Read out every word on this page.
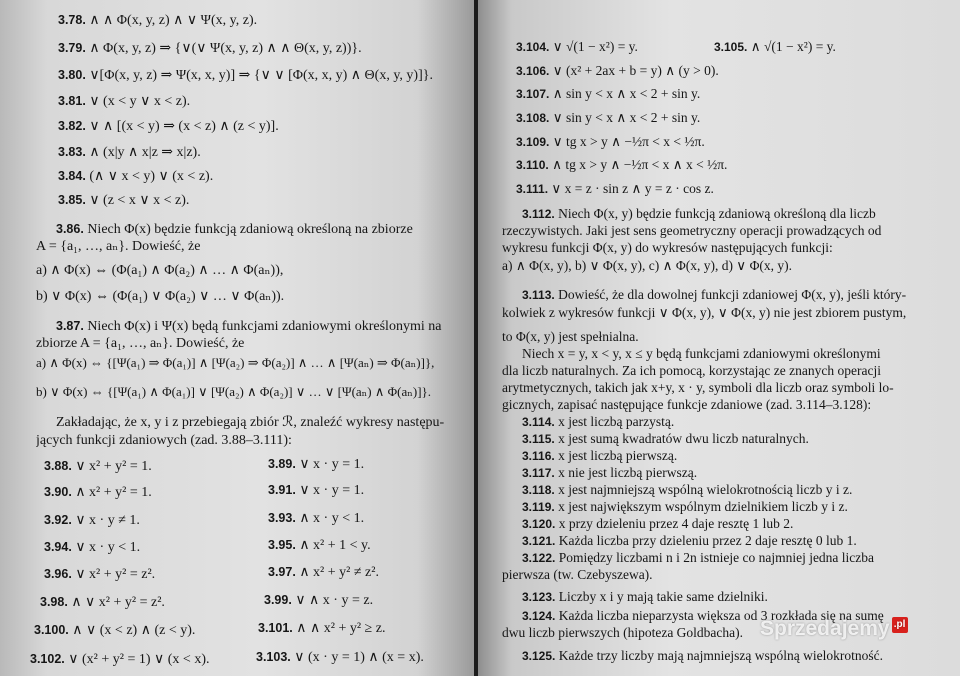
3.78. ∧ ∧ Φ(x, y, z) ∧ ∨ Ψ(x, y, z).
3.79. ∧ Φ(x, y, z) ⇒ {∨(∨ Ψ(x, y, z) ∧ ∧ Θ(x, y, z))}.
3.80. ∨[Φ(x, y, z) ⇒ Ψ(x, x, y)] ⇒ {∨ ∨ [Φ(x, x, y) ∧ Θ(x, y, y)]}.
3.81. ∨ (x < y ∨ x < z).
3.82. ∨ ∧ [(x < y) ⇒ (x < z) ∧ (z < y)].
3.83. ∧ (x|y ∧ x|z ⇒ x|z).
3.84. (∧ ∨ x < y) ∨ (x < z).
3.85. ∨ (z < x ∨ x < z).
3.86. Niech Φ(x) będzie funkcją zdaniową określoną na zbiorze
A = {a₁, …, aₙ}. Dowieść, że
a) ∧ Φ(x) ⇔ (Φ(a₁) ∧ Φ(a₂) ∧ … ∧ Φ(aₙ)),
b) ∨ Φ(x) ⇔ (Φ(a₁) ∨ Φ(a₂) ∨ … ∨ Φ(aₙ)).
3.87. Niech Φ(x) i Ψ(x) będą funkcjami zdaniowymi określonymi na
zbiorze A = {a₁, …, aₙ}. Dowieść, że
a) ∧ Φ(x) ⇔ {[Ψ(a₁) ⇒ Φ(a₁)] ∧ [Ψ(a₂) ⇒ Φ(a₂)] ∧ … ∧ [Ψ(aₙ) ⇒ Φ(aₙ)]},
b) ∨ Φ(x) ⇔ {[Ψ(a₁) ∧ Φ(a₁)] ∨ [Ψ(a₂) ∧ Φ(a₂)] ∨ … ∨ [Ψ(aₙ) ∧ Φ(aₙ)]}.
Zakładając, że x, y i z przebiegają zbiór ℛ, znaleźć wykresy następu-
jących funkcji zdaniowych (zad. 3.88–3.111):
3.88. ∨ x² + y² = 1.	3.89. ∨ x · y = 1.
3.90. ∧ x² + y² = 1.	3.91. ∨ x · y = 1.
3.92. ∨ x · y ≠ 1.	3.93. ∧ x · y < 1.
3.94. ∨ x · y < 1.	3.95. ∧ x² + 1 < y.
3.96. ∨ x² + y² = z².	3.97. ∧ x² + y² ≠ z².
3.98. ∧ ∨ x² + y² = z².	3.99. ∨ ∧ x · y = z.
3.100. ∧ ∨ (x < z) ∧ (z < y).	3.101. ∧ ∧ x² + y² ≥ z.
3.102. ∨ (x² + y² = 1) ∨ (x < x).	3.103. ∨ (x · y = 1) ∧ (x = x).
3.104. ∨ √(1 − x²) = y.	3.105. ∧ √(1 − x²) = y.
3.106. ∨ (x² + 2ax + b = y) ∧ (y > 0).
3.107. ∧ sin y < x ∧ x < 2 + sin y.
3.108. ∨ sin y < x ∧ x < 2 + sin y.
3.109. ∨ tg x > y ∧ −½π < x < ½π.
3.110. ∧ tg x > y ∧ −½π < x ∧ x < ½π.
3.111. ∨ x = z · sin z ∧ y = z · cos z.
3.112. Niech Φ(x, y) będzie funkcją zdaniową określoną dla liczb
rzeczywistych. Jaki jest sens geometryczny operacji prowadzących od
wykresu funkcji Φ(x, y) do wykresów następujących funkcji:
a) ∧ Φ(x, y), b) ∨ Φ(x, y), c) ∧ Φ(x, y), d) ∨ Φ(x, y).
3.113. Dowieść, że dla dowolnej funkcji zdaniowej Φ(x, y), jeśli który-
kolwiek z wykresów funkcji ∨ Φ(x, y), ∨ Φ(x, y) nie jest zbiorem pustym,
to Φ(x, y) jest spełnialna.
Niech x = y, x < y, x ≤ y będą funkcjami zdaniowymi określonymi
dla liczb naturalnych. Za ich pomocą, korzystając ze znanych operacji
arytmetycznych, takich jak x+y, x · y, symboli dla liczb oraz symboli lo-
gicznych, zapisać następujące funkcje zdaniowe (zad. 3.114–3.128):
3.114. x jest liczbą parzystą.
3.115. x jest sumą kwadratów dwu liczb naturalnych.
3.116. x jest liczbą pierwszą.
3.117. x nie jest liczbą pierwszą.
3.118. x jest najmniejszą wspólną wielokrotnością liczb y i z.
3.119. x jest największym wspólnym dzielnikiem liczb y i z.
3.120. x przy dzieleniu przez 4 daje resztę 1 lub 2.
3.121. Każda liczba przy dzieleniu przez 2 daje resztę 0 lub 1.
3.122. Pomiędzy liczbami n i 2n istnieje co najmniej jedna liczba
pierwsza (tw. Czebyszewa).
3.123. Liczby x i y mają takie same dzielniki.
3.124. Każda liczba nieparzysta większa od 3 rozkłada się na sumę
dwu liczb pierwszych (hipoteza Goldbacha).
3.125. Każde trzy liczby mają najmniejszą wspólną wielokrotność.
Sprzedajemy .pl
